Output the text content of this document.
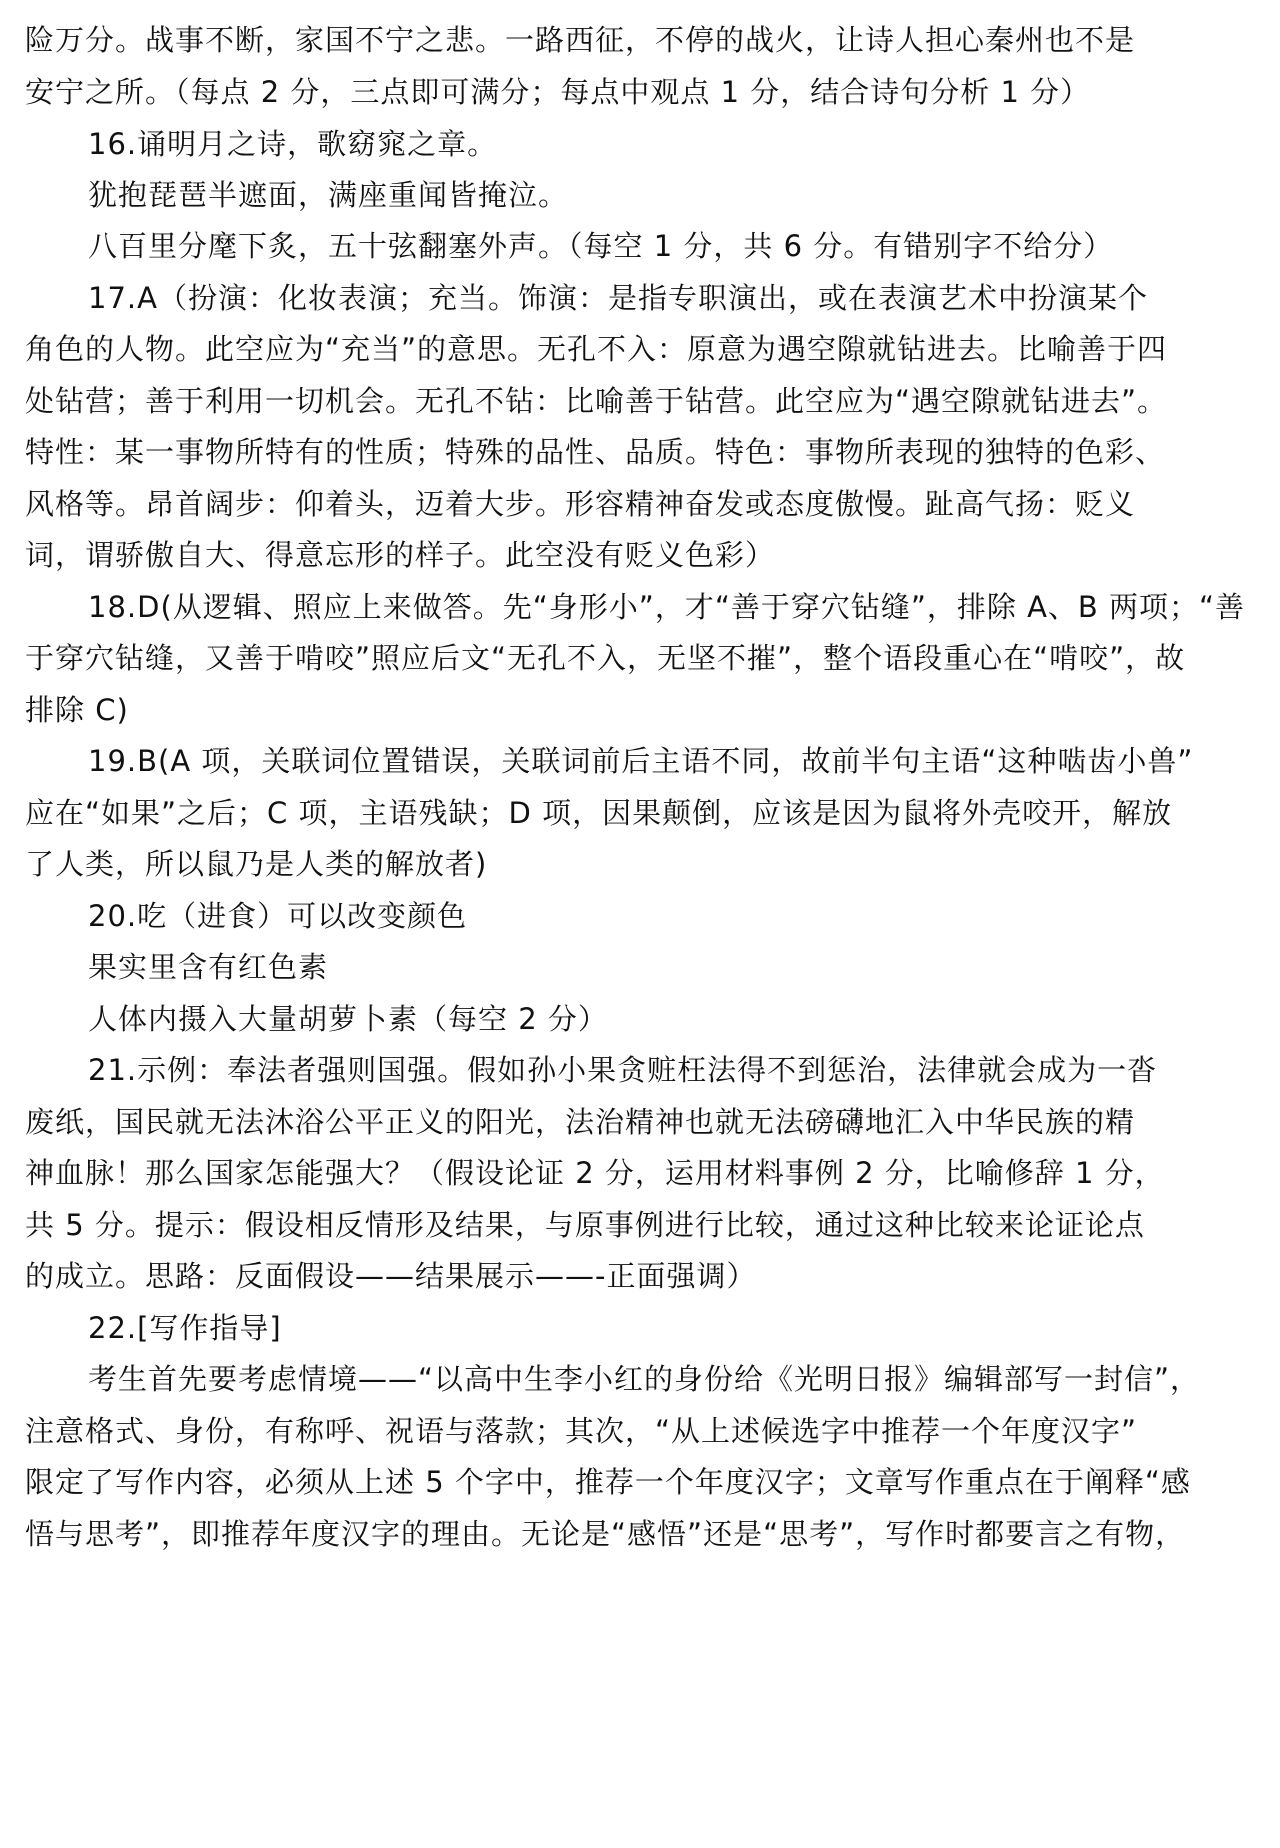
险万分。战事不断，家国不宁之悲。一路西征，不停的战火，让诗人担心秦州也不是
安宁之所。（每点 2 分，三点即可满分；每点中观点 1 分，结合诗句分析 1 分）
16.诵明月之诗，歌窈窕之章。
犹抱琵琶半遮面，满座重闻皆掩泣。
八百里分麾下炙，五十弦翻塞外声。（每空 1 分，共 6 分。有错别字不给分）
17.A（扮演：化妆表演；充当。饰演：是指专职演出，或在表演艺术中扮演某个
角色的人物。此空应为“充当”的意思。无孔不入：原意为遇空隙就钻进去。比喻善于四
处钻营；善于利用一切机会。无孔不钻：比喻善于钻营。此空应为“遇空隙就钻进去”。
特性：某一事物所特有的性质；特殊的品性、品质。特色：事物所表现的独特的色彩、
风格等。昂首阔步：仰着头，迈着大步。形容精神奋发或态度傲慢。趾高气扬：贬义
词，谓骄傲自大、得意忘形的样子。此空没有贬义色彩）
18.D(从逻辑、照应上来做答。先“身形小”，才“善于穿穴钻缝”，排除 A、B 两项；“善
于穿穴钻缝，又善于啃咬”照应后文“无孔不入，无坚不摧”，整个语段重心在“啃咬”，故
排除 C)
19.B(A 项，关联词位置错误，关联词前后主语不同，故前半句主语“这种啮齿小兽”
应在“如果”之后；C 项，主语残缺；D 项，因果颠倒，应该是因为鼠将外壳咬开，解放
了人类，所以鼠乃是人类的解放者)
20.吃（进食）可以改变颜色
果实里含有红色素
人体内摄入大量胡萝卜素（每空 2 分）
21.示例：奉法者强则国强。假如孙小果贪赃枉法得不到惩治，法律就会成为一沓
废纸，国民就无法沐浴公平正义的阳光，法治精神也就无法磅礴地汇入中华民族的精
神血脉！那么国家怎能强大？（假设论证 2 分，运用材料事例 2 分，比喻修辞 1 分，
共 5 分。提示：假设相反情形及结果，与原事例进行比较，通过这种比较来论证论点
的成立。思路：反面假设——结果展示——-正面强调）
22.[写作指导]
考生首先要考虑情境——“以高中生李小红的身份给《光明日报》编辑部写一封信”，
注意格式、身份，有称呼、祝语与落款；其次，“从上述候选字中推荐一个年度汉字”
限定了写作内容，必须从上述 5 个字中，推荐一个年度汉字；文章写作重点在于阐释“感
悟与思考”，即推荐年度汉字的理由。无论是“感悟”还是“思考”，写作时都要言之有物，
